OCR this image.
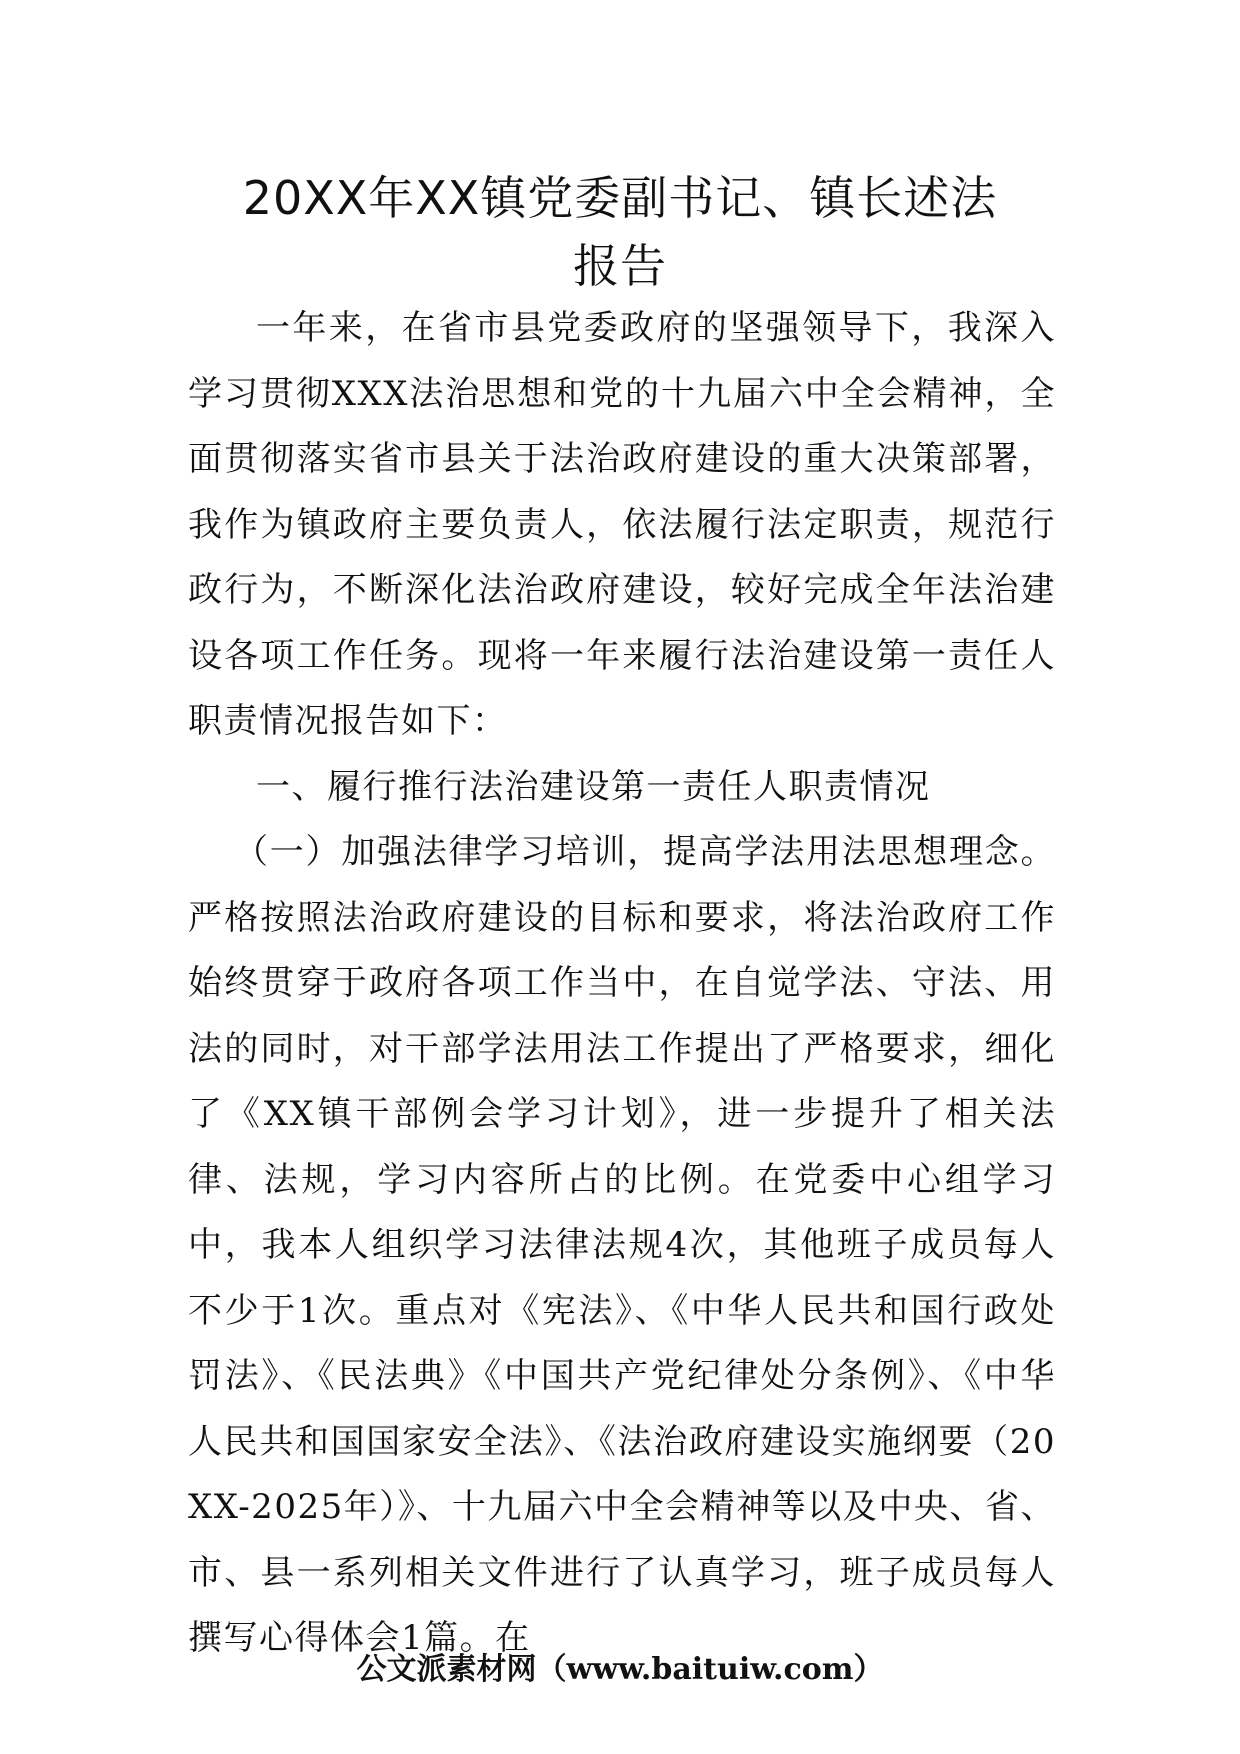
20XX年XX镇党委副书记、镇长述法
报告

一年来，在省市县党委政府的坚强领导下，我深入学习贯彻XXX法治思想和党的十九届六中全会精神，全面贯彻落实省市县关于法治政府建设的重大决策部署，我作为镇政府主要负责人，依法履行法定职责，规范行政行为，不断深化法治政府建设，较好完成全年法治建设各项工作任务。现将一年来履行法治建设第一责任人职责情况报告如下：

一、履行推行法治建设第一责任人职责情况

（一）加强法律学习培训，提高学法用法思想理念。严格按照法治政府建设的目标和要求，将法治政府工作始终贯穿于政府各项工作当中，在自觉学法、守法、用法的同时，对干部学法用法工作提出了严格要求，细化了《XX镇干部例会学习计划》，进一步提升了相关法律、法规，学习内容所占的比例。在党委中心组学习中，我本人组织学习法律法规4次，其他班子成员每人不少于1次。重点对《宪法》、《中华人民共和国行政处罚法》、《民法典》《中国共产党纪律处分条例》、《中华人民共和国国家安全法》、《法治政府建设实施纲要（20XX-2025年）》、十九届六中全会精神等以及中央、省、市、县一系列相关文件进行了认真学习，班子成员每人撰写心得体会1篇。在

公文派素材网（www.baituiw.com）
